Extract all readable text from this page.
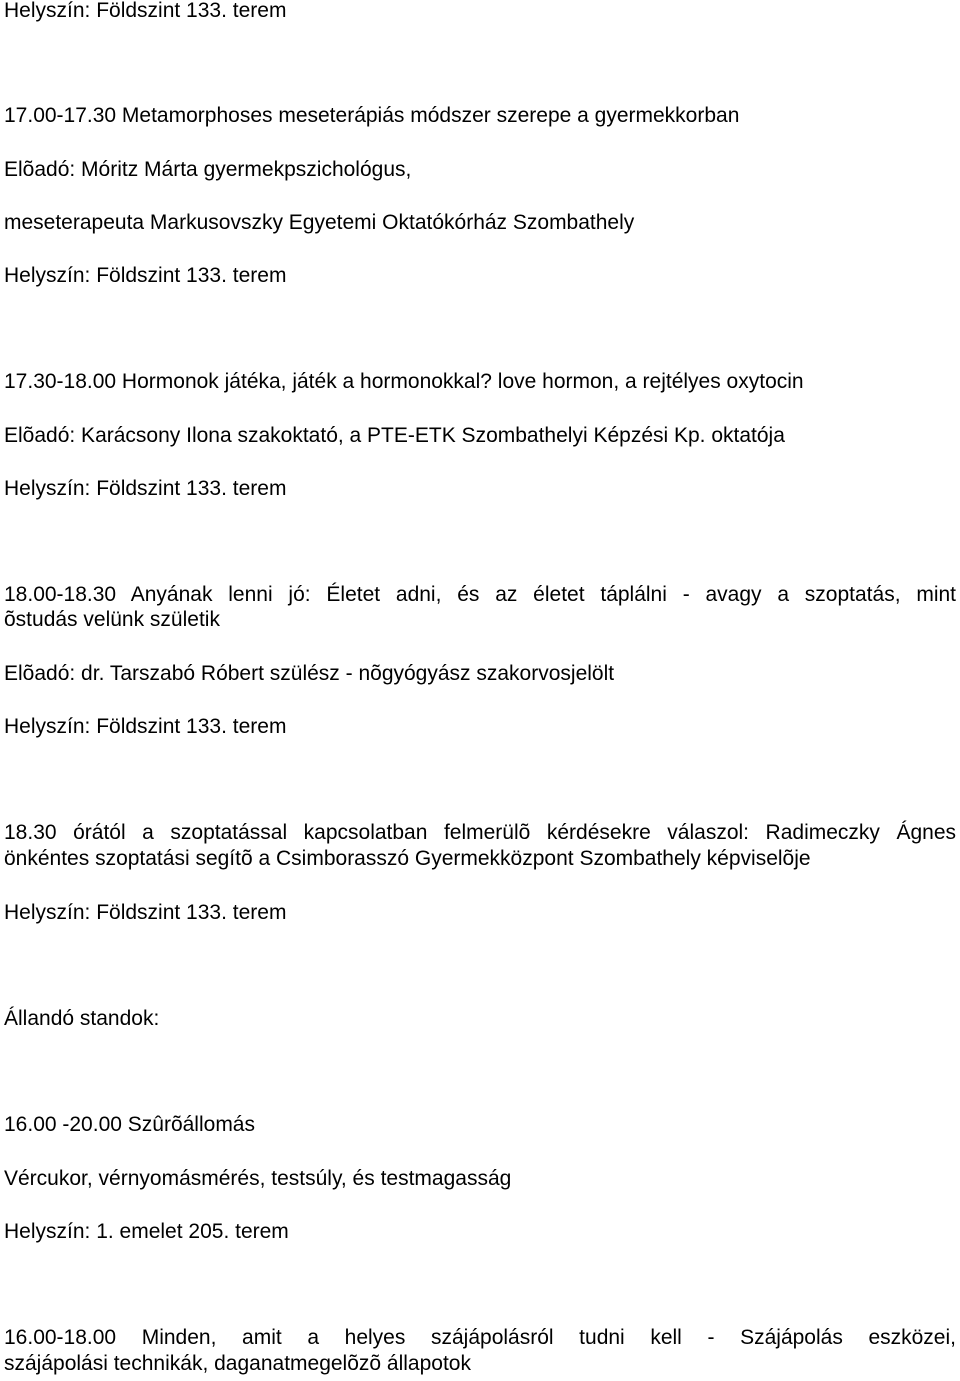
Helyszín: Földszint 133. terem
17.00-17.30 Metamorphoses meseterápiás módszer szerepe a gyermekkorban
Elõadó: Móritz Márta gyermekpszichológus,
meseterapeuta Markusovszky Egyetemi Oktatókórház Szombathely
Helyszín: Földszint 133. terem
17.30-18.00 Hormonok játéka, játék a hormonokkal? love hormon, a rejtélyes oxytocin
Elõadó: Karácsony Ilona szakoktató, a PTE-ETK Szombathelyi Képzési Kp. oktatója
Helyszín: Földszint 133. terem
18.00-18.30 Anyának lenni jó: Életet adni, és az életet táplálni - avagy a szoptatás, mint
õstudás velünk születik
Elõadó: dr. Tarszabó Róbert szülész - nõgyógyász szakorvosjelölt
Helyszín: Földszint 133. terem
18.30 órától a szoptatással kapcsolatban felmerülõ kérdésekre válaszol: Radimeczky Ágnes
önkéntes szoptatási segítõ a Csimborasszó Gyermekközpont Szombathely képviselõje
Helyszín: Földszint 133. terem
Állandó standok:
16.00 -20.00 Szûrõállomás
Vércukor, vérnyomásmérés, testsúly, és testmagasság
Helyszín: 1. emelet 205. terem
16.00-18.00 Minden, amit a helyes szájápolásról tudni kell - Szájápolás eszközei,
szájápolási technikák, daganatmegelõzõ állapotok
